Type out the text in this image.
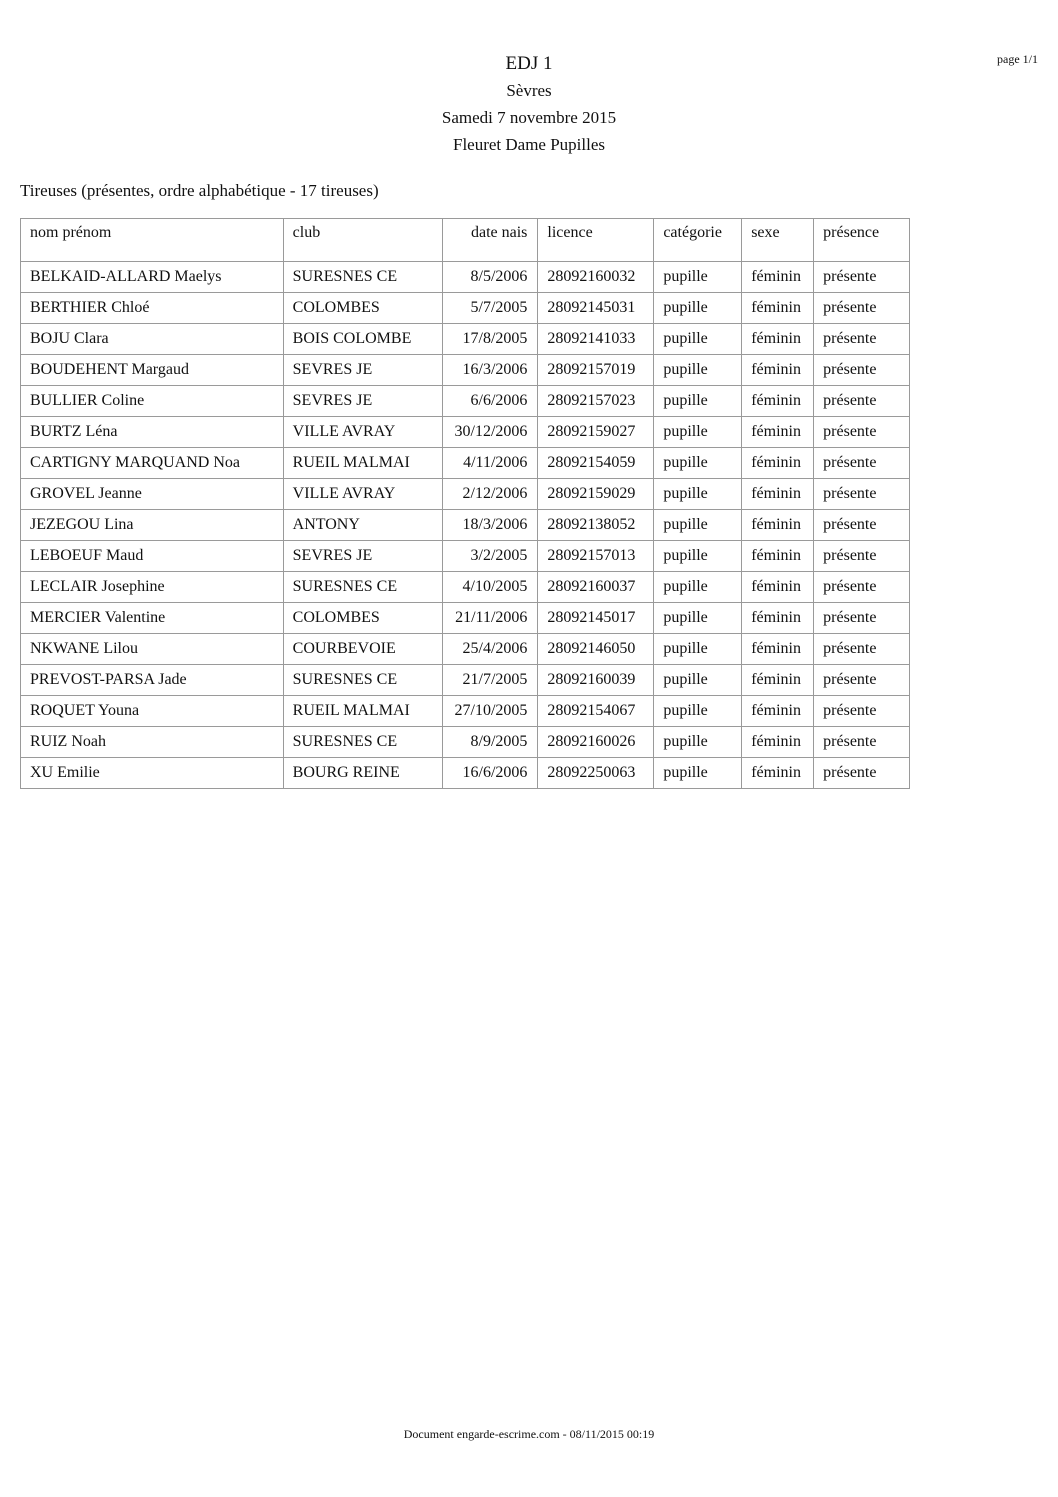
page 1/1
EDJ 1
Sèvres
Samedi 7 novembre 2015
Fleuret Dame Pupilles
Tireuses (présentes, ordre alphabétique - 17 tireuses)
nom prénom	club	date nais	licence	catégorie	sexe	présence
BELKAID-ALLARD Maelys	SURESNES CE	8/5/2006	28092160032	pupille	féminin	présente
BERTHIER Chloé	COLOMBES	5/7/2005	28092145031	pupille	féminin	présente
BOJU Clara	BOIS COLOMBE	17/8/2005	28092141033	pupille	féminin	présente
BOUDEHENT Margaud	SEVRES JE	16/3/2006	28092157019	pupille	féminin	présente
BULLIER Coline	SEVRES JE	6/6/2006	28092157023	pupille	féminin	présente
BURTZ Léna	VILLE AVRAY	30/12/2006	28092159027	pupille	féminin	présente
CARTIGNY MARQUAND Noa	RUEIL MALMAI	4/11/2006	28092154059	pupille	féminin	présente
GROVEL Jeanne	VILLE AVRAY	2/12/2006	28092159029	pupille	féminin	présente
JEZEGOU Lina	ANTONY	18/3/2006	28092138052	pupille	féminin	présente
LEBOEUF Maud	SEVRES JE	3/2/2005	28092157013	pupille	féminin	présente
LECLAIR Josephine	SURESNES CE	4/10/2005	28092160037	pupille	féminin	présente
MERCIER Valentine	COLOMBES	21/11/2006	28092145017	pupille	féminin	présente
NKWANE Lilou	COURBEVOIE	25/4/2006	28092146050	pupille	féminin	présente
PREVOST-PARSA Jade	SURESNES CE	21/7/2005	28092160039	pupille	féminin	présente
ROQUET Youna	RUEIL MALMAI	27/10/2005	28092154067	pupille	féminin	présente
RUIZ Noah	SURESNES CE	8/9/2005	28092160026	pupille	féminin	présente
XU Emilie	BOURG REINE	16/6/2006	28092250063	pupille	féminin	présente
Document engarde-escrime.com - 08/11/2015 00:19
